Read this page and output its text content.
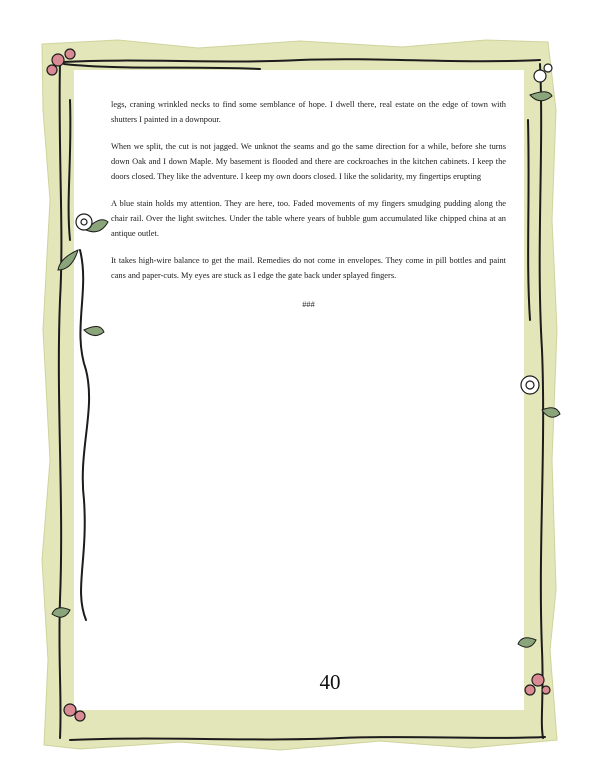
legs, craning wrinkled necks to find some semblance of hope. I dwell there, real estate on the edge of town with shutters I painted in a downpour.

When we split, the cut is not jagged. We unknot the seams and go the same direction for a while, before she turns down Oak and I down Maple. My basement is flooded and there are cockroaches in the kitchen cabinets. I keep the doors closed. They like the adventure. I keep my own doors closed. I like the solidarity, my fingertips erupting

A blue stain holds my attention. They are here, too. Faded movements of my fingers smudging pudding along the chair rail. Over the light switches. Under the table where years of bubble gum accumulated like chipped china at an antique outlet.

It takes high-wire balance to get the mail. Remedies do not come in envelopes. They come in pill bottles and paint cans and paper-cuts. My eyes are stuck as I edge the gate back under splayed fingers.

###
40
